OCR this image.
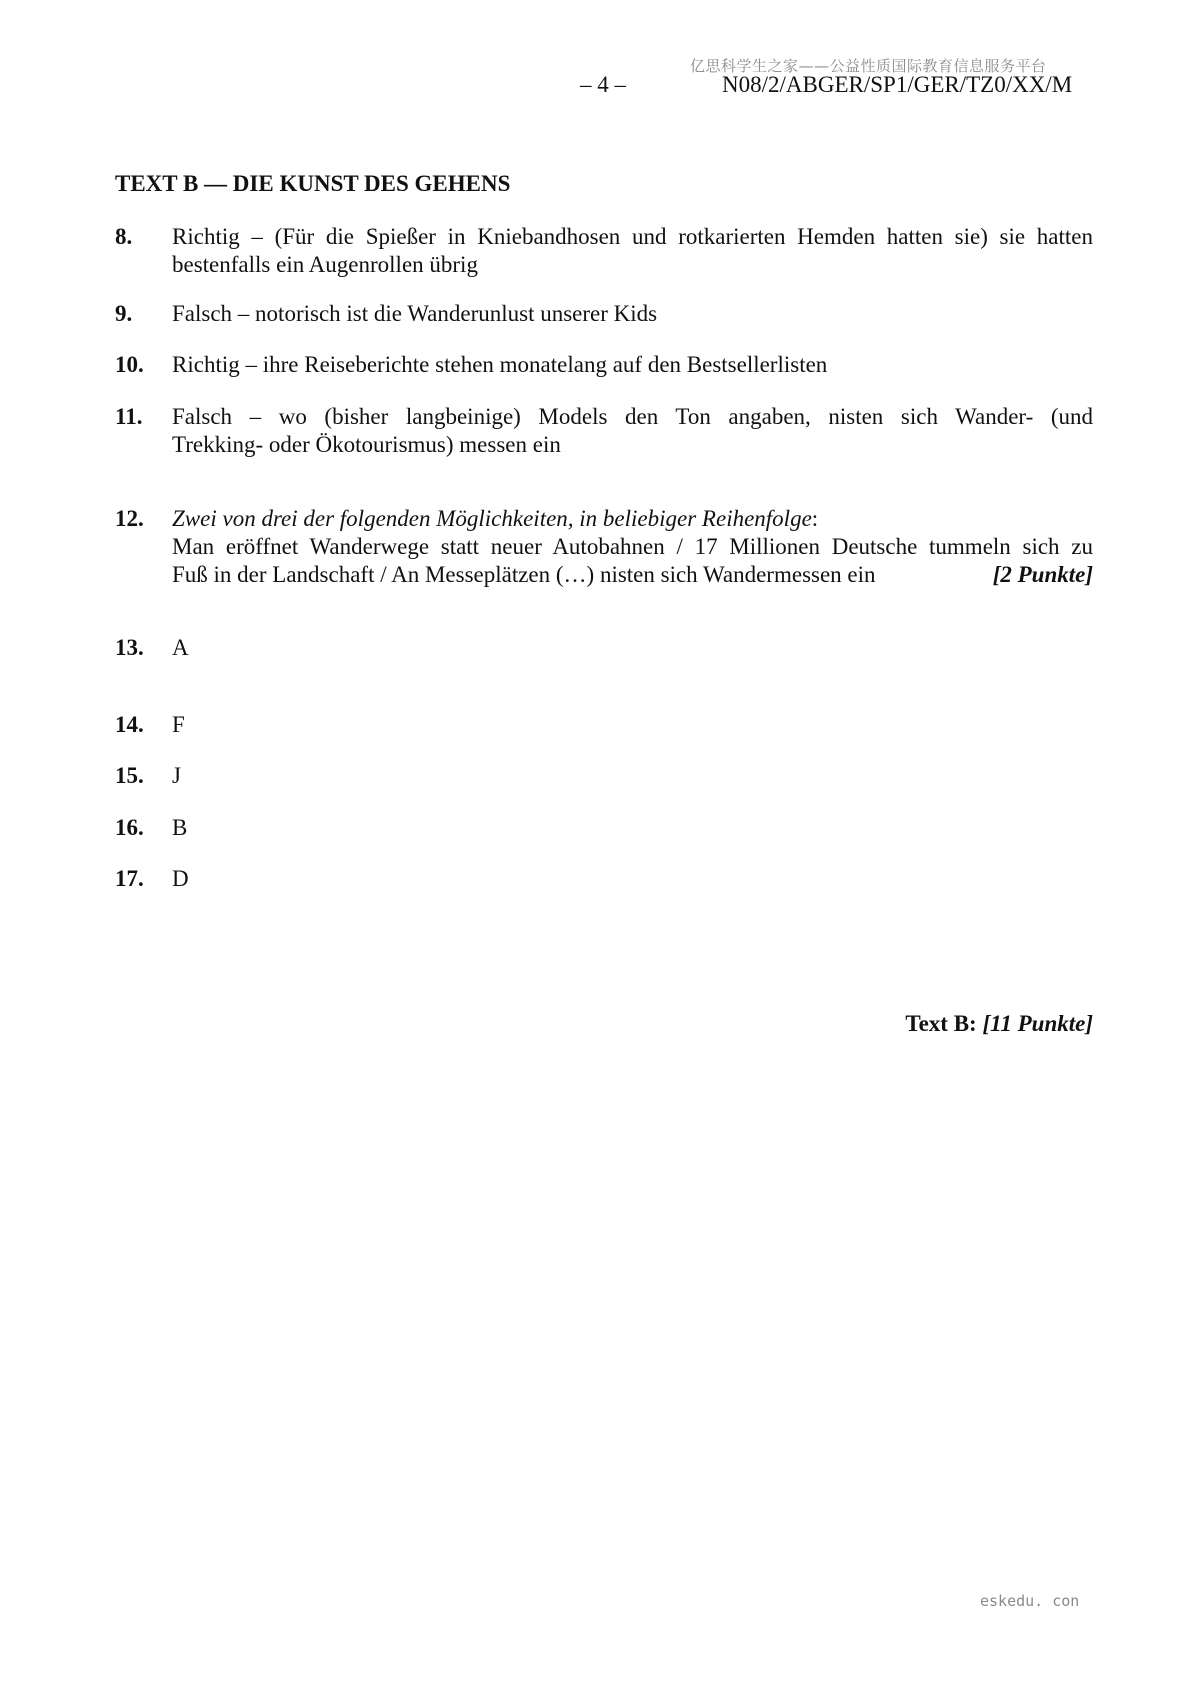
亿思科学生之家——公益性质国际教育信息服务平台
– 4 –	N08/2/ABGER/SP1/GER/TZ0/XX/M
TEXT B — DIE KUNST DES GEHENS
8. Richtig – (Für die Spießer in Kniebandhosen und rotkarierten Hemden hatten sie) sie hatten
bestenfalls ein Augenrollen übrig
9. Falsch – notorisch ist die Wanderunlust unserer Kids
10. Richtig – ihre Reiseberichte stehen monatelang auf den Bestsellerlisten
11. Falsch – wo (bisher langbeinige) Models den Ton angaben, nisten sich Wander- (und
Trekking- oder Ökotourismus) messen ein
12. Zwei von drei der folgenden Möglichkeiten, in beliebiger Reihenfolge:
Man eröffnet Wanderwege statt neuer Autobahnen / 17 Millionen Deutsche tummeln sich zu
Fuß in der Landschaft / An Messeplätzen (…) nisten sich Wandermessen ein	[2 Punkte]
13. A
14. F
15. J
16. B
17. D
Text B: [11 Punkte]
eskedu. con
